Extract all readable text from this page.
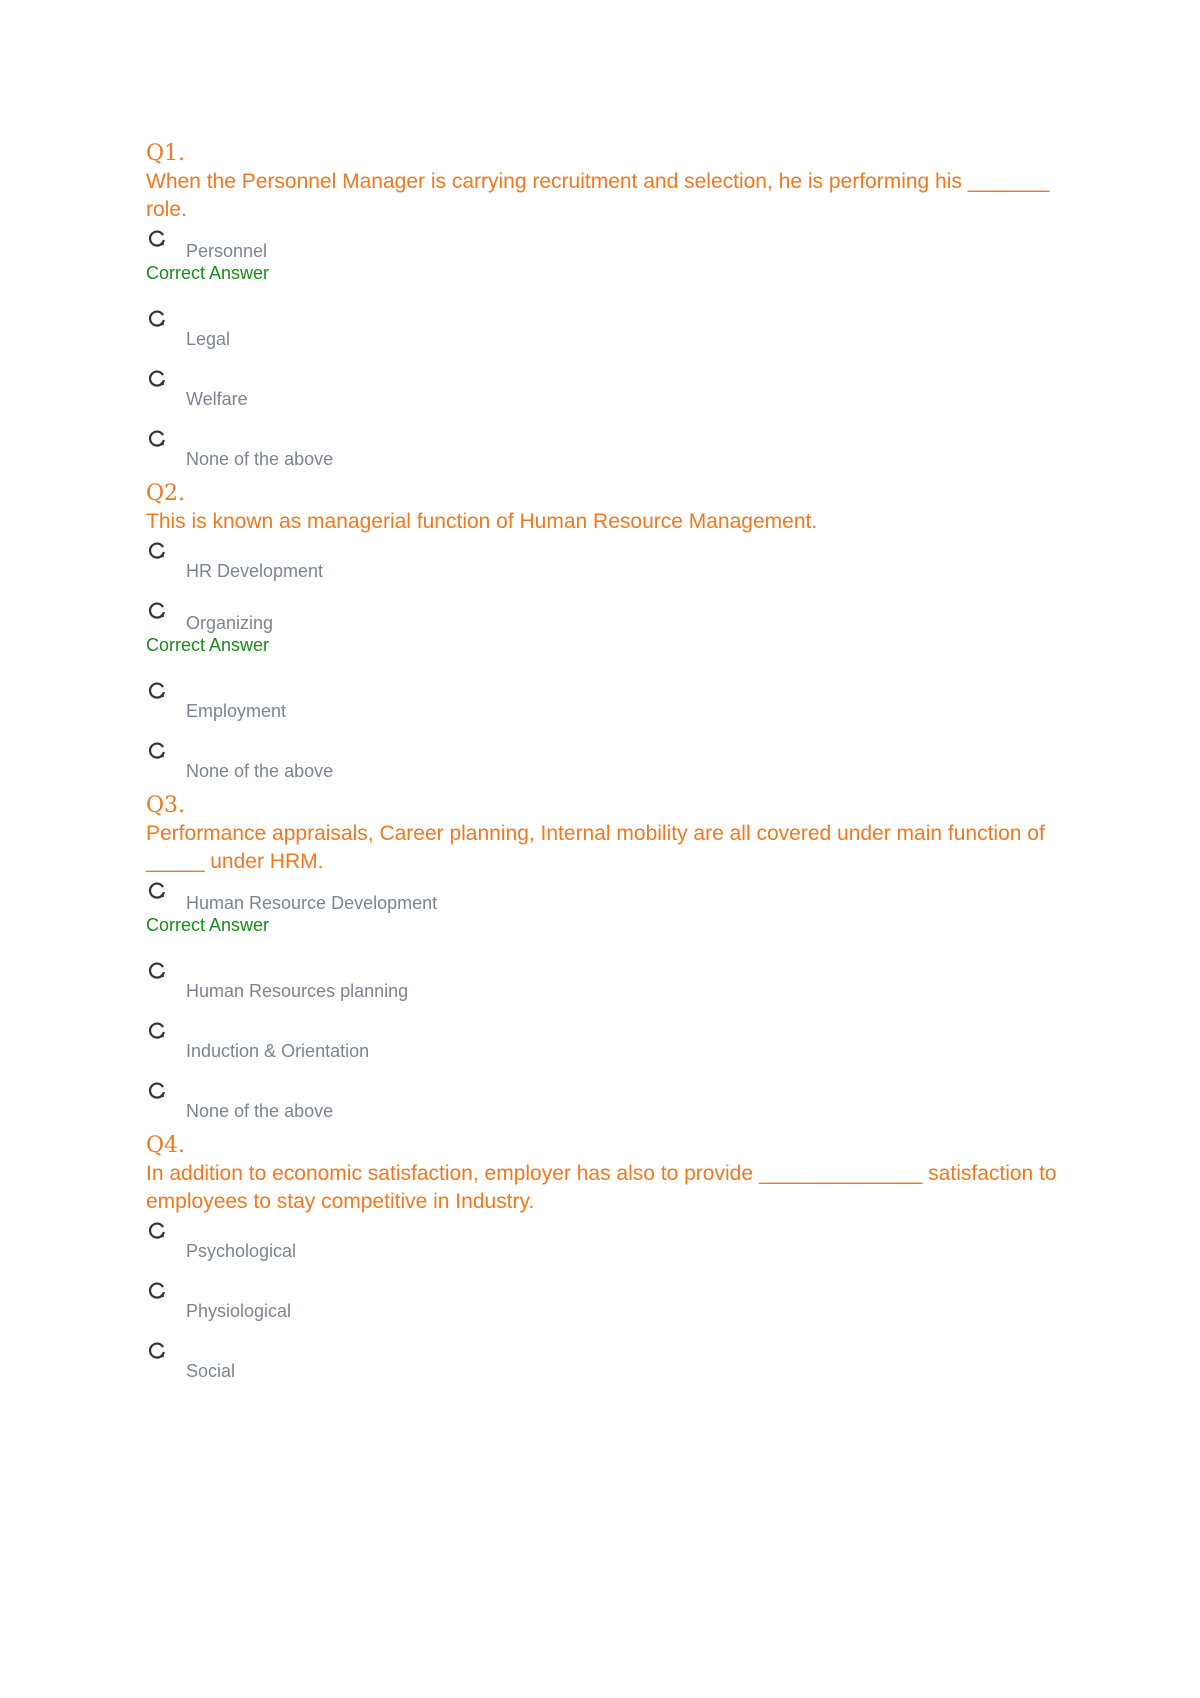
Q1.
When the Personnel Manager is carrying recruitment and selection, he is performing his _______ role.
Personnel
Correct Answer
Legal
Welfare
None of the above
Q2.
This is known as managerial function of Human Resource Management.
HR Development
Organizing
Correct Answer
Employment
None of the above
Q3.
Performance appraisals, Career planning, Internal mobility are all covered under main function of _____ under HRM.
Human Resource Development
Correct Answer
Human Resources planning
Induction & Orientation
None of the above
Q4.
In addition to economic satisfaction, employer has also to provide ______________ satisfaction to employees to stay competitive in Industry.
Psychological
Physiological
Social
